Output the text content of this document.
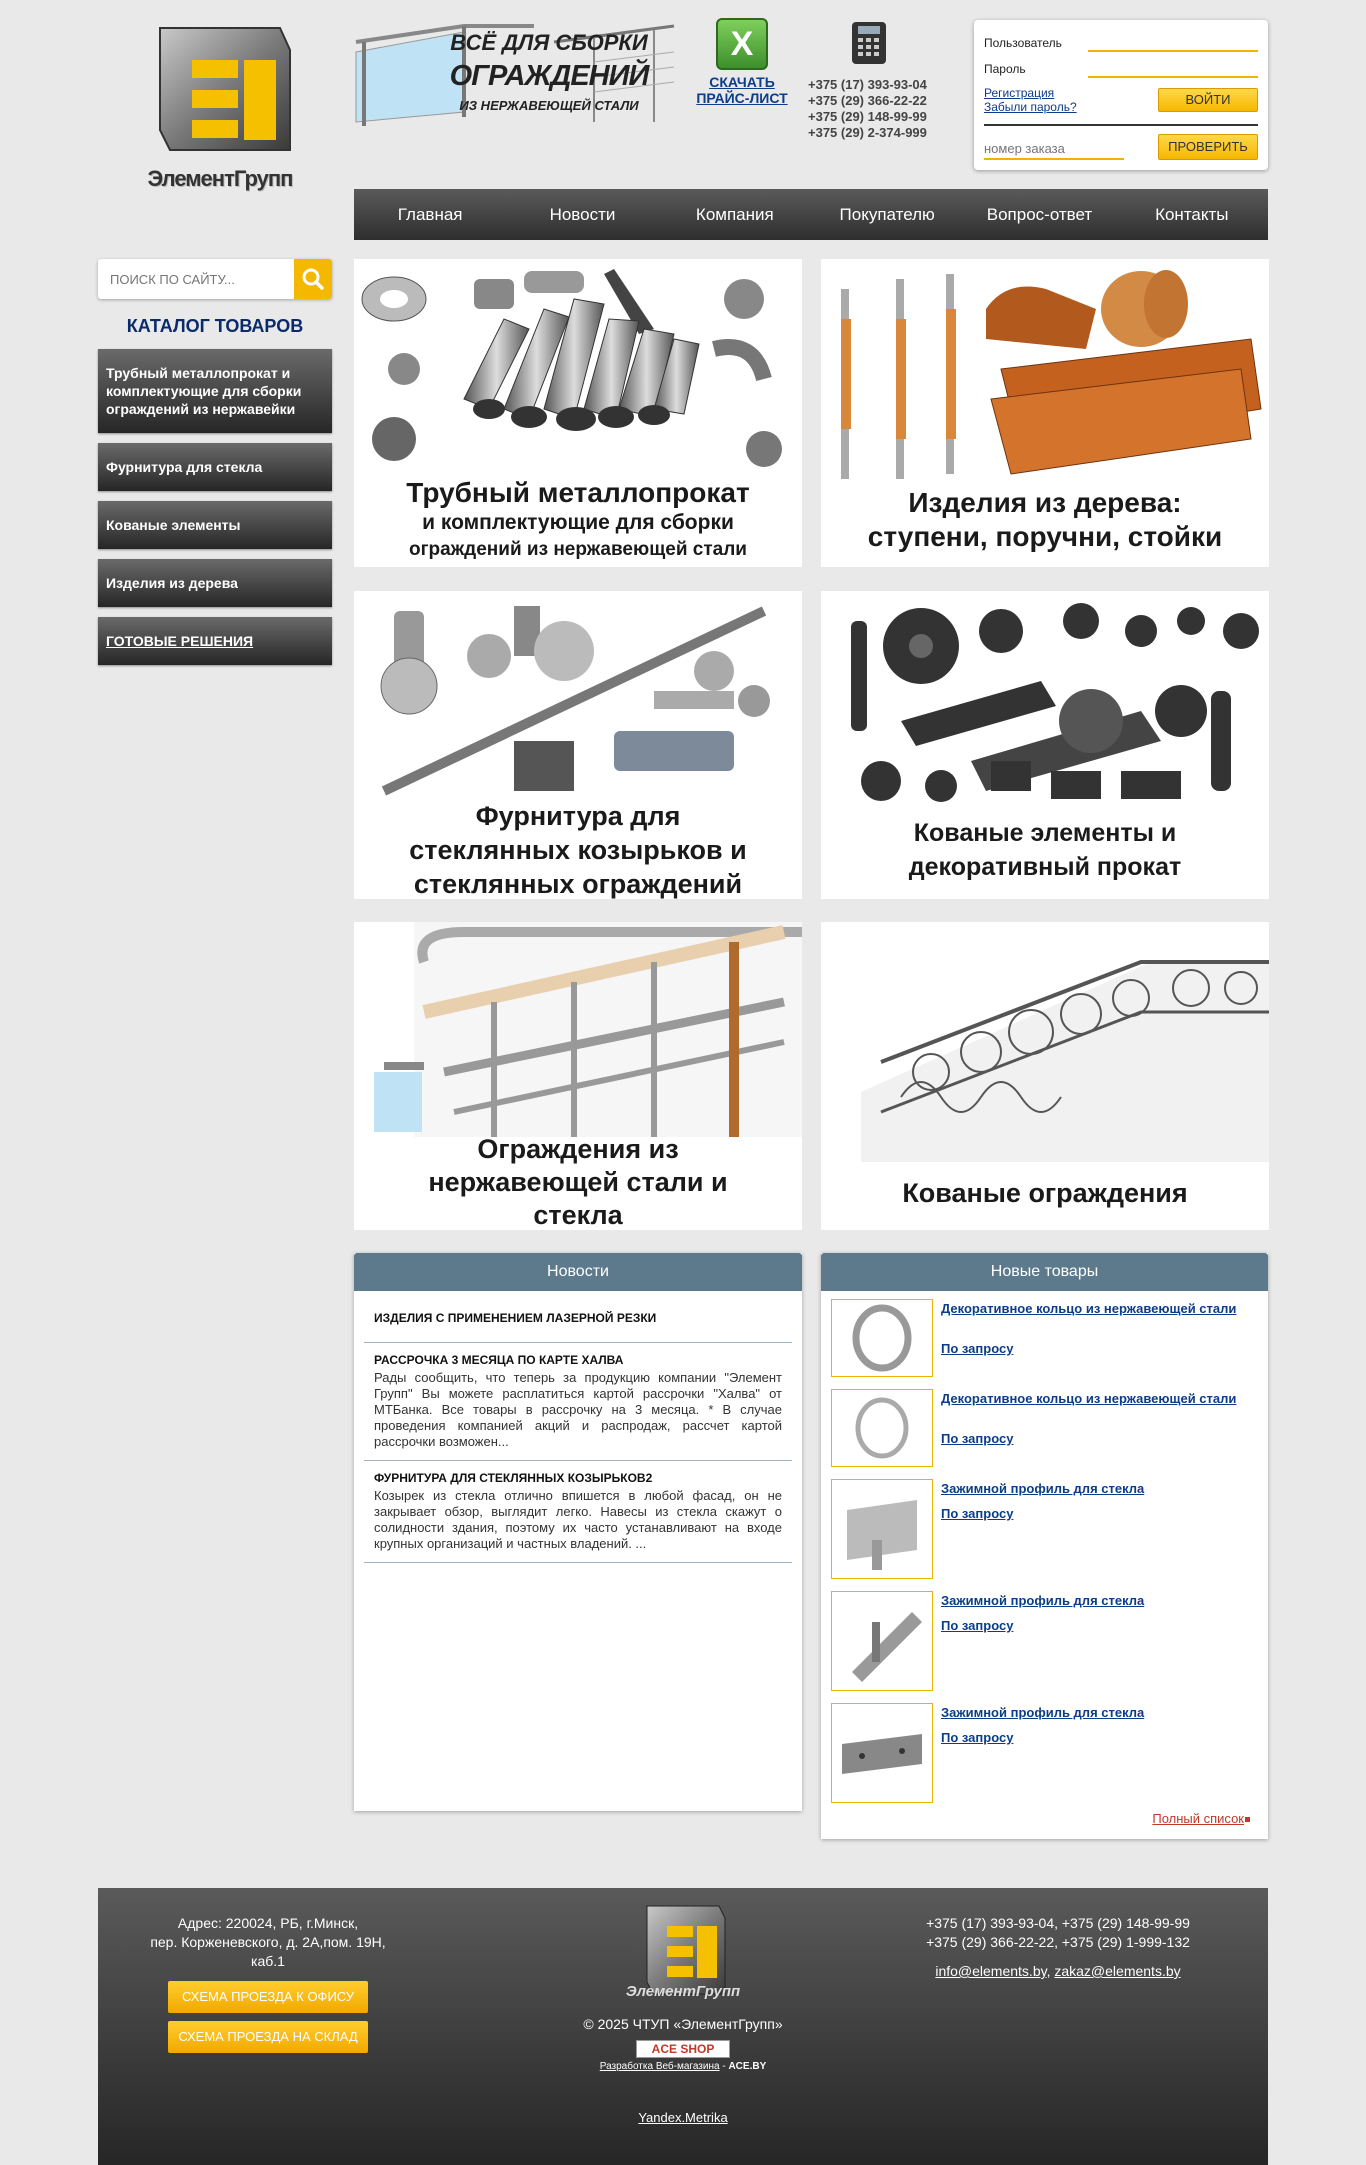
ЭлементГрупп
ВСЁ ДЛЯ СБОРКИ
ОГРАЖДЕНИЙ
ИЗ НЕРЖАВЕЮЩЕЙ СТАЛИ
X
СКАЧАТЬ
ПРАЙС-ЛИСТ
+375 (17) 393-93-04
+375 (29) 366-22-22
+375 (29) 148-99-99
+375 (29) 2-374-999
Пользователь
Пароль
Регистрация
Забыли пароль?	ВОЙТИ
номер заказа
ПРОВЕРИТЬ
Главная	Новости	Компания	Покупателю	Вопрос-ответ	Контакты
ПОИСК ПО САЙТУ...
КАТАЛОГ ТОВАРОВ
Трубный металлопрокат и комплектующие для сборки ограждений из нержавейки
Фурнитура для стекла
Кованые элементы
Изделия из дерева
ГОТОВЫЕ РЕШЕНИЯ
Трубный металлопрокат
и комплектующие для сборки
ограждений из нержавеющей стали
Изделия из дерева:
ступени, поручни, стойки
Фурнитура для
стеклянных козырьков и
стеклянных ограждений
Кованые элементы и
декоративный прокат
Ограждения из
нержавеющей стали и
стекла
Кованые ограждения
Новости
ИЗДЕЛИЯ С ПРИМЕНЕНИЕМ ЛАЗЕРНОЙ РЕЗКИ
РАССРОЧКА 3 МЕСЯЦА ПО КАРТЕ ХАЛВА
Рады сообщить, что теперь за продукцию компании "Элемент Групп" Вы можете расплатиться картой рассрочки "Халва" от МТБанка. Все товары в рассрочку на 3 месяца. * В случае проведения компанией акций и распродаж, рассчет картой рассрочки возможен...
ФУРНИТУРА ДЛЯ СТЕКЛЯННЫХ КОЗЫРЬКОВ2
Козырек из стекла отлично впишется в любой фасад, он не закрывает обзор, выглядит легко. Навесы из стекла скажут о солидности здания, поэтому их часто устанавливают на входе крупных организаций и частных владений. ...
Новые товары
Декоративное кольцо из нержавеющей стали
По запросу
Декоративное кольцо из нержавеющей стали
По запросу
Зажимной профиль для стекла
По запросу
Зажимной профиль для стекла
По запросу
Зажимной профиль для стекла
По запросу
Полный список
Адрес: 220024, РБ, г.Минск,
пер. Корженевского, д. 2А,пом. 19Н, каб.1
СХЕМА ПРОЕЗДА К ОФИСУ
СХЕМА ПРОЕЗДА НА СКЛАД
ЭлементГрупп
© 2025 ЧТУП «ЭлементГрупп»
ACE SHOP
Разработка Веб-магазина - ACE.BY
Yandex.Metrika
+375 (17) 393-93-04, +375 (29) 148-99-99
+375 (29) 366-22-22, +375 (29) 1-999-132
info@elements.by, zakaz@elements.by
